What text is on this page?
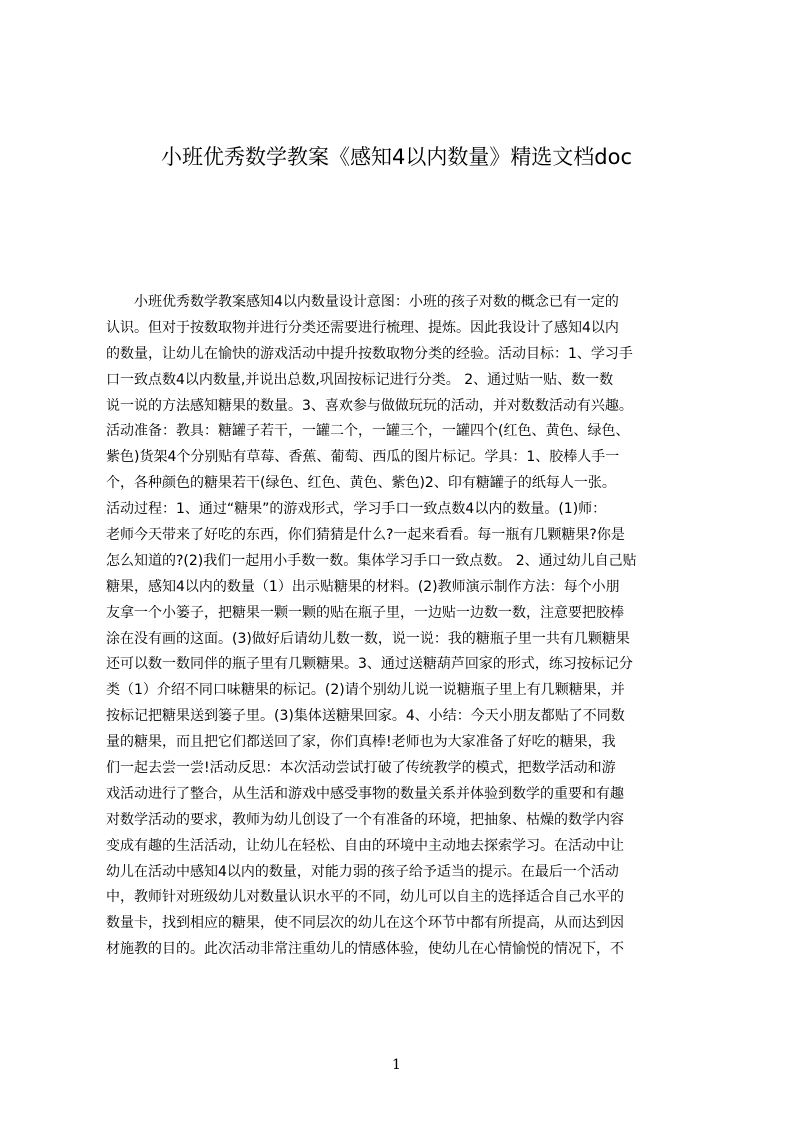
小班优秀数学教案《感知4以内数量》精选文档doc
　　小班优秀数学教案感知4以内数量设计意图：小班的孩子对数的概念已有一定的
认识。但对于按数取物并进行分类还需要进行梳理、提炼。因此我设计了感知4以内
的数量，让幼儿在愉快的游戏活动中提升按数取物分类的经验。活动目标：1、学习手
口一致点数4以内数量,并说出总数,巩固按标记进行分类。 2、通过贴一贴、数一数
说一说的方法感知糖果的数量。3、喜欢参与做做玩玩的活动，并对数数活动有兴趣。
活动准备：教具：糖罐子若干，一罐二个，一罐三个，一罐四个(红色、黄色、绿色、
紫色)货架4个分别贴有草莓、香蕉、葡萄、西瓜的图片标记。学具：1、胶棒人手一
个，各种颜色的糖果若干(绿色、红色、黄色、紫色)2、印有糖罐子的纸每人一张。
活动过程：1、通过“糖果”的游戏形式，学习手口一致点数4以内的数量。(1)师：
老师今天带来了好吃的东西，你们猜猜是什么?一起来看看。每一瓶有几颗糖果?你是
怎么知道的?(2)我们一起用小手数一数。集体学习手口一致点数。 2、通过幼儿自己贴
糖果，感知4以内的数量（1）出示贴糖果的材料。(2)教师演示制作方法：每个小朋
友拿一个小篓子，把糖果一颗一颗的贴在瓶子里，一边贴一边数一数，注意要把胶棒
涂在没有画的这面。(3)做好后请幼儿数一数，说一说：我的糖瓶子里一共有几颗糖果
还可以数一数同伴的瓶子里有几颗糖果。3、通过送糖葫芦回家的形式，练习按标记分
类（1）介绍不同口味糖果的标记。(2)请个别幼儿说一说糖瓶子里上有几颗糖果，并
按标记把糖果送到篓子里。(3)集体送糖果回家。4、小结：今天小朋友都贴了不同数
量的糖果，而且把它们都送回了家，你们真棒!老师也为大家准备了好吃的糖果，我
们一起去尝一尝!活动反思：本次活动尝试打破了传统教学的模式，把数学活动和游
戏活动进行了整合，从生活和游戏中感受事物的数量关系并体验到数学的重要和有趣
对数学活动的要求，教师为幼儿创设了一个有准备的环境，把抽象、枯燥的数学内容
变成有趣的生活活动，让幼儿在轻松、自由的环境中主动地去探索学习。在活动中让
幼儿在活动中感知4以内的数量，对能力弱的孩子给予适当的提示。在最后一个活动
中，教师针对班级幼儿对数量认识水平的不同，幼儿可以自主的选择适合自己水平的
数量卡，找到相应的糖果，使不同层次的幼儿在这个环节中都有所提高，从而达到因
材施教的目的。此次活动非常注重幼儿的情感体验，使幼儿在心情愉悦的情况下，不
1
